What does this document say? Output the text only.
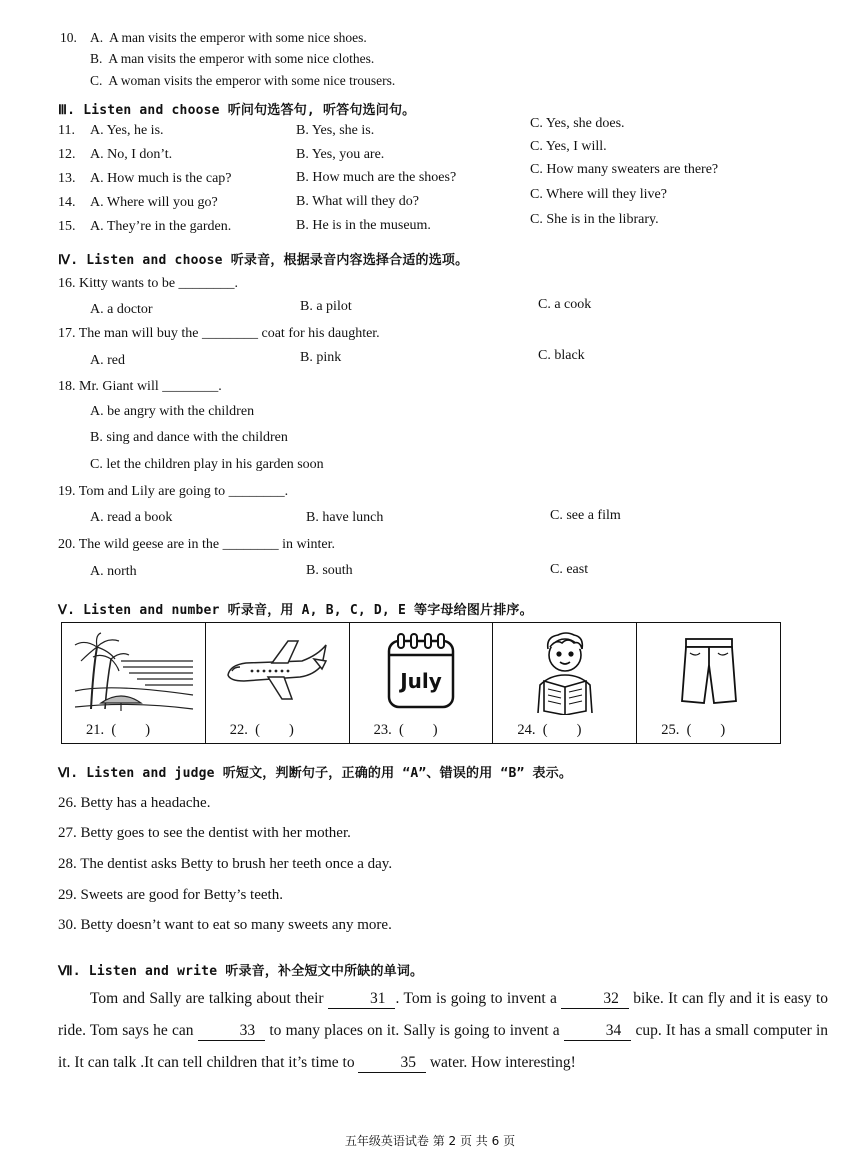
10. A. A man visits the emperor with some nice shoes.
B. A man visits the emperor with some nice clothes.
C. A woman visits the emperor with some nice trousers.
Ⅲ. Listen and choose 听问句选答句, 听答句选问句。
11. A. Yes, he is.	B. Yes, she is.	C. Yes, she does.
12. A. No, I don’t.	B. Yes, you are.
C. Yes, I will.
13. A. How much is the cap?	B. How much are the shoes?
C. How many sweaters are there?
14. A. Where will you go?	B. What will they do?	C. Where will they live?
15. A. They’re in the garden.	B. He is in the museum.	C. She is in the library.
Ⅳ. Listen and choose 听录音，根据录音内容选择合适的选项。
16. Kitty wants to be ________.
A. a doctor	B. a pilot	C. a cook
17. The man will buy the ________ coat for his daughter.
A. red	B. pink	C. black
18. Mr. Giant will ________.
A. be angry with the children
B. sing and dance with the children
C. let the children play in his garden soon
19. Tom and Lily are going to ________.
A. read a book	B. have lunch	C. see a film
20. The wild geese are in the ________ in winter.
A. north	B. south	C. east
Ⅴ. Listen and number 听录音，用 A, B, C, D, E 等字母给图片排序。
21.  (        )	22.  (        )
July
23.  (        )	24.  (        )	25.  (        )
Ⅵ. Listen and judge 听短文，判断句子，正确的用 “A”、错误的用 “B” 表示。
26. Betty has a headache.
27. Betty goes to see the dentist with her mother.
28. The dentist asks Betty to brush her teeth once a day.
29. Sweets are good for Betty’s teeth.
30. Betty doesn’t want to eat so many sweets any more.
Ⅶ. Listen and write 听录音，补全短文中所缺的单词。
Tom and Sally are talking about their	31 . Tom is going to invent a	32 bike. It can fly and it is easy to ride. Tom says he can	33 to many places on it. Sally is going to invent a	34 cup. It has a small computer in it. It can talk .It can tell children that it’s time to	35 water. How interesting!
五年级英语试卷 第 2 页 共 6 页
